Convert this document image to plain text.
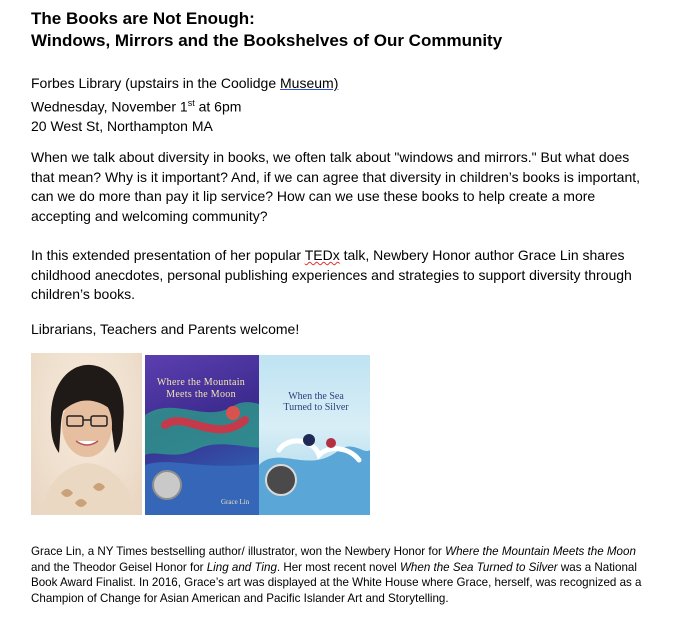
The Books are Not Enough:
Windows, Mirrors and the Bookshelves of Our Community
Forbes Library (upstairs in the Coolidge Museum)
Wednesday, November 1st at 6pm
20 West St, Northampton MA
When we talk about diversity in books, we often talk about "windows and mirrors." But what does that mean? Why is it important? And, if we can agree that diversity in children’s books is important, can we do more than pay it lip service? How can we use these books to help create a more accepting and welcoming community?
In this extended presentation of her popular TEDx talk, Newbery Honor author Grace Lin shares childhood anecdotes, personal publishing experiences and strategies to support diversity through children’s books.
Librarians, Teachers and Parents welcome!
Where the Mountain Meets the Moon
Grace Lin
When the Sea Turned to Silver
Grace Lin, a NY Times bestselling author/ illustrator, won the Newbery Honor for Where the Mountain Meets the Moon and the Theodor Geisel Honor for Ling and Ting. Her most recent novel When the Sea Turned to Silver was a National Book Award Finalist. In 2016, Grace’s art was displayed at the White House where Grace, herself, was recognized as a Champion of Change for Asian American and Pacific Islander Art and Storytelling.
